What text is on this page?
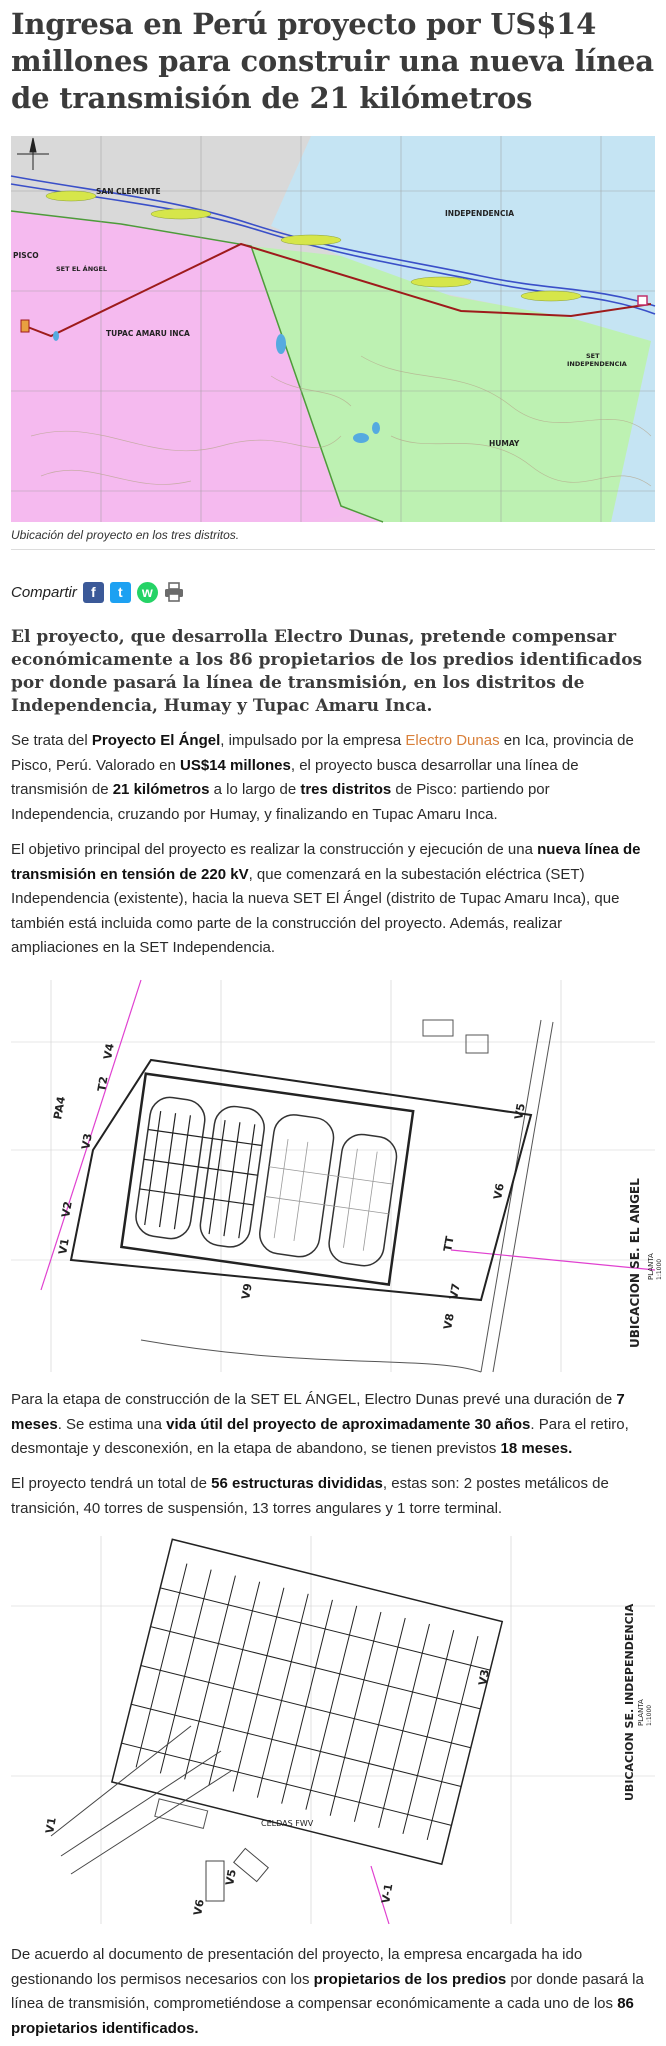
Ingresa en Perú proyecto por US$14 millones para construir una nueva línea de transmisión de 21 kilómetros
SAN CLEMENTE
INDEPENDENCIA
PISCO
SET EL ÁNGEL
TUPAC AMARU INCA
SET
INDEPENDENCIA
HUMAY
Ubicación del proyecto en los tres distritos.
Compartir	f	t	w
El proyecto, que desarrolla Electro Dunas, pretende compensar económicamente a los 86 propietarios de los predios identificados por donde pasará la línea de transmisión, en los distritos de Independencia, Humay y Tupac Amaru Inca.
Se trata del Proyecto El Ángel, impulsado por la empresa Electro Dunas en Ica, provincia de Pisco, Perú. Valorado en US$14 millones, el proyecto busca desarrollar una línea de transmisión de 21 kilómetros a lo largo de tres distritos de Pisco: partiendo por Independencia, cruzando por Humay, y finalizando en Tupac Amaru Inca.
El objetivo principal del proyecto es realizar la construcción y ejecución de una nueva línea de transmisión en tensión de 220 kV, que comenzará en la subestación eléctrica (SET) Independencia (existente), hacia la nueva SET El Ángel (distrito de Tupac Amaru Inca), que también está incluida como parte de la construcción del proyecto. Además, realizar ampliaciones en la SET Independencia.
V4
T2
PA4
V3
V2
V1
V5
V6
TT
V7
V8
V9	UBICACION SE. EL ANGEL PLANTA 1:1000
Para la etapa de construcción de la SET EL ÁNGEL, Electro Dunas prevé una duración de 7 meses. Se estima una vida útil del proyecto de aproximadamente 30 años. Para el retiro, desmontaje y desconexión, en la etapa de abandono, se tienen previstos 18 meses.
El proyecto tendrá un total de 56 estructuras divididas, estas son: 2 postes metálicos de transición, 40 torres de suspensión, 13 torres angulares y 1 torre terminal.
V1
V3
V5
V6
V-1
CELDAS FWV
UBICACION SE. INDEPENDENCIA PLANTA 1:1000
De acuerdo al documento de presentación del proyecto, la empresa encargada ha ido gestionando los permisos necesarios con los propietarios de los predios por donde pasará la línea de transmisión, comprometiéndose a compensar económicamente a cada uno de los 86 propietarios identificados.
